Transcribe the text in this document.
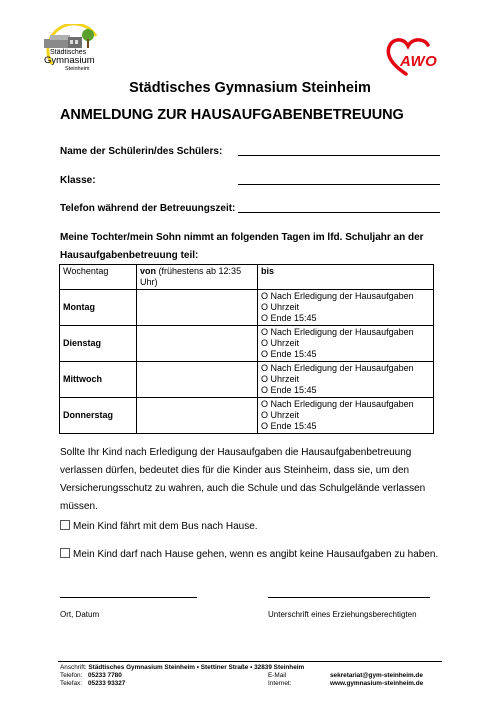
Städtisches
Gymnasium
Steinheim	AWO
Städtisches Gymnasium Steinheim
ANMELDUNG ZUR HAUSAUFGABENBETREUUNG
Name der Schülerin/des Schülers:
Klasse:
Telefon während der Betreuungszeit:
Meine Tochter/mein Sohn nimmt an folgenden Tagen im lfd. Schuljahr an der Hausaufgabenbetreuung teil:
Wochentag	von (frühestens ab 12:35 Uhr)	bis
Montag		O Nach Erledigung der Hausaufgaben
O Uhrzeit
O Ende 15:45

Dienstag		O Nach Erledigung der Hausaufgaben
O Uhrzeit
O Ende 15:45

Mittwoch		O Nach Erledigung der Hausaufgaben
O Uhrzeit
O Ende 15:45

Donnerstag		O Nach Erledigung der Hausaufgaben
O Uhrzeit
O Ende 15:45
Sollte Ihr Kind nach Erledigung der Hausaufgaben die Hausaufgabenbetreuung verlassen dürfen, bedeutet dies für die Kinder aus Steinheim, dass sie, um den Versicherungsschutz zu wahren, auch die Schule und das Schulgelände verlassen müssen.
Mein Kind fährt mit dem Bus nach Hause.
Mein Kind darf nach Hause gehen, wenn es angibt keine Hausaufgaben zu haben.
Ort, Datum	Unterschrift eines Erziehungsberechtigten
Anschrift: Städtisches Gymnasium Steinheim • Stettiner Straße • 32839 Steinheim
Telefon: 05233 7780
Telefax: 05233 93327
E-Mail	sekretariat@gym-steinheim.de
Internet:	www.gymnasium-steinheim.de
